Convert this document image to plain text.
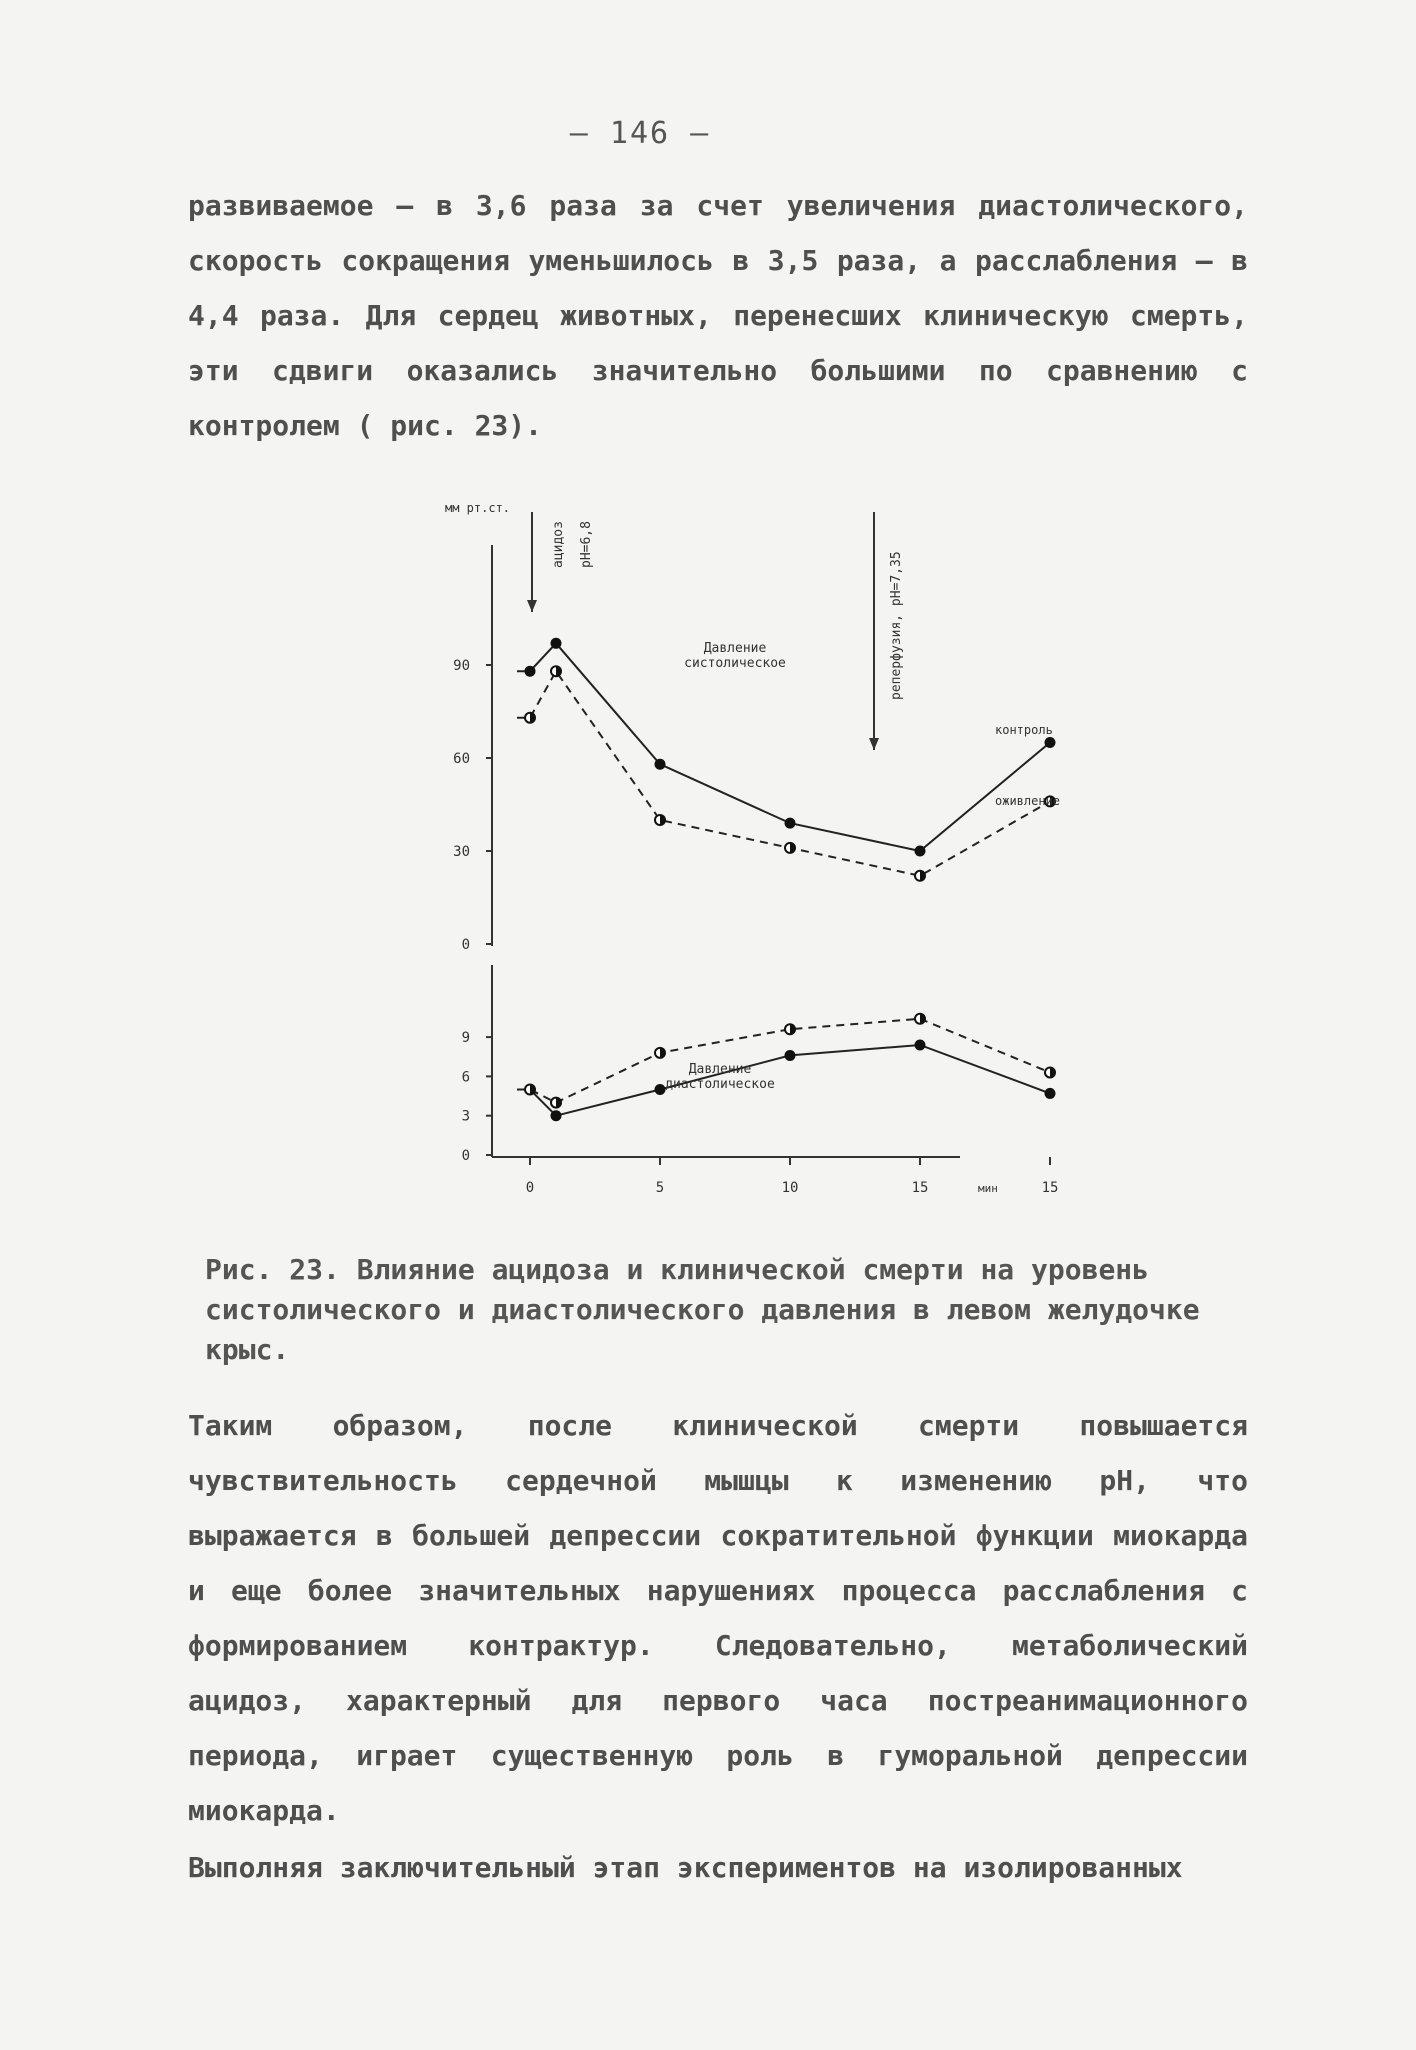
— 146 —
развиваемое — в 3,6 раза за счет увеличения диастолического, скорость сокращения уменьшилось в 3,5 раза, а расслабления — в 4,4 раза. Для сердец животных, перенесших клиническую смерть, эти сдвиги оказались значительно большими по сравнению с контролем ( рис. 23).
мм рт.ст.
90
60
30
0
9
6
3
0
0	5	10	15	15
мин
ацидоз pH=6,8
реперфузия, pH=7,35
Давление
систолическое
Давление
диастолическое
контроль
оживление
Рис. 23. Влияние ацидоза и клинической смерти на уровень систолического и диастолического давления в левом желудочке крыс.
Таким образом, после клинической смерти повышается чувствительность сердечной мышцы к изменению pH, что выражается в большей депрессии сократительной функции миокарда и еще более значительных нарушениях процесса расслабления с формированием контрактур. Следовательно, метаболический ацидоз, характерный для первого часа постреанимационного периода, играет существенную роль в гуморальной депрессии миокарда.
Выполняя заключительный этап экспериментов на изолированных
